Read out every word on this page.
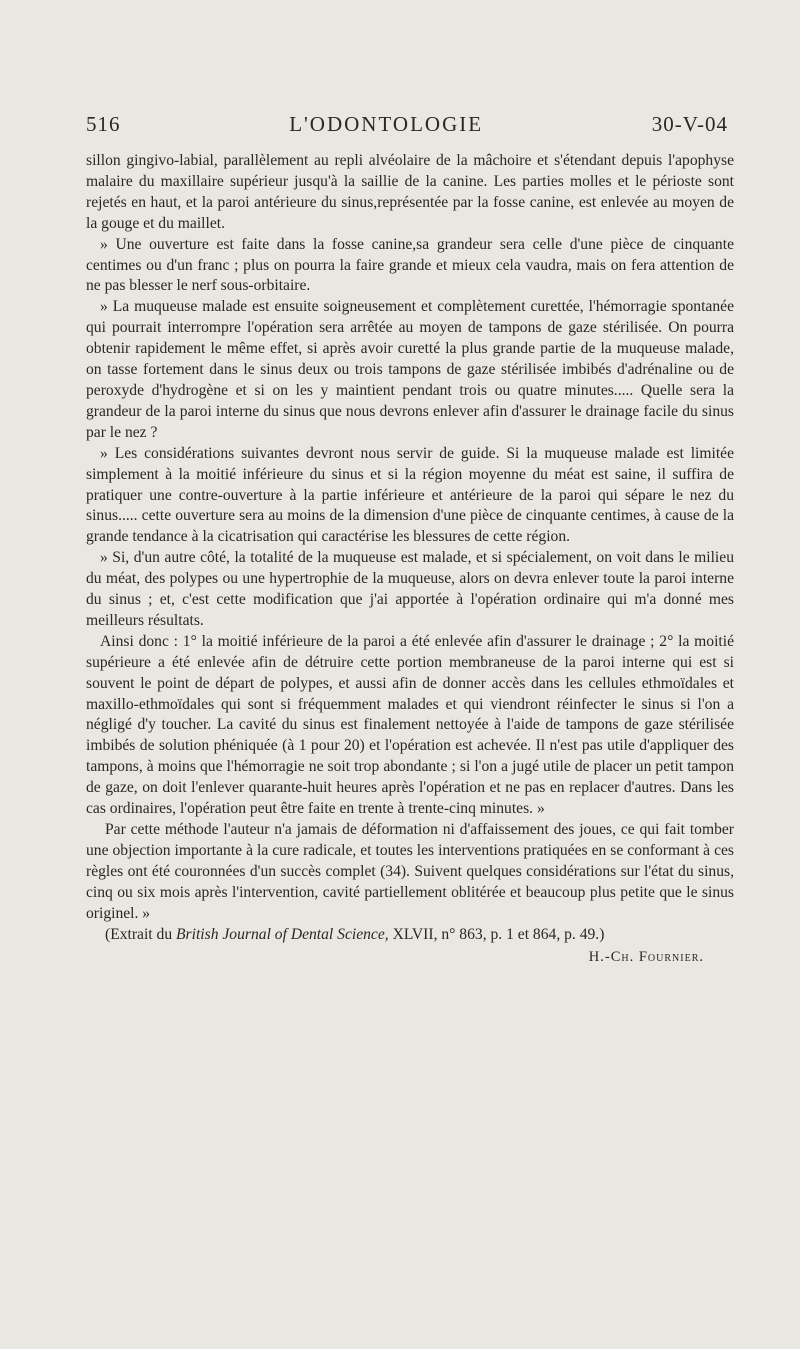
516	L'ODONTOLOGIE	30-V-04

sillon gingivo-labial, parallèlement au repli alvéolaire de la mâchoire et s'étendant depuis l'apophyse malaire du maxillaire supérieur jusqu'à la saillie de la canine. Les parties molles et le périoste sont rejetés en haut, et la paroi antérieure du sinus,représentée par la fosse canine, est enlevée au moyen de la gouge et du maillet.

» Une ouverture est faite dans la fosse canine,sa grandeur sera celle d'une pièce de cinquante centimes ou d'un franc ; plus on pourra la faire grande et mieux cela vaudra, mais on fera attention de ne pas blesser le nerf sous-orbitaire.

» La muqueuse malade est ensuite soigneusement et complètement curettée, l'hémorragie spontanée qui pourrait interrompre l'opération sera arrêtée au moyen de tampons de gaze stérilisée. On pourra obtenir rapidement le même effet, si après avoir curetté la plus grande partie de la muqueuse malade, on tasse fortement dans le sinus deux ou trois tampons de gaze stérilisée imbibés d'adrénaline ou de peroxyde d'hydrogène et si on les y maintient pendant trois ou quatre minutes..... Quelle sera la grandeur de la paroi interne du sinus que nous devrons enlever afin d'assurer le drainage facile du sinus par le nez ?

» Les considérations suivantes devront nous servir de guide. Si la muqueuse malade est limitée simplement à la moitié inférieure du sinus et si la région moyenne du méat est saine, il suffira de pratiquer une contre-ouverture à la partie inférieure et antérieure de la paroi qui sépare le nez du sinus..... cette ouverture sera au moins de la dimension d'une pièce de cinquante centimes, à cause de la grande tendance à la cicatrisation qui caractérise les blessures de cette région.

» Si, d'un autre côté, la totalité de la muqueuse est malade, et si spécialement, on voit dans le milieu du méat, des polypes ou une hypertrophie de la muqueuse, alors on devra enlever toute la paroi interne du sinus ; et, c'est cette modification que j'ai apportée à l'opération ordinaire qui m'a donné mes meilleurs résultats.

Ainsi donc : 1° la moitié inférieure de la paroi a été enlevée afin d'assurer le drainage ; 2° la moitié supérieure a été enlevée afin de détruire cette portion membraneuse de la paroi interne qui est si souvent le point de départ de polypes, et aussi afin de donner accès dans les cellules ethmoïdales et maxillo-ethmoïdales qui sont si fréquemment malades et qui viendront réinfecter le sinus si l'on a négligé d'y toucher. La cavité du sinus est finalement nettoyée à l'aide de tampons de gaze stérilisée imbibés de solution phéniquée (à 1 pour 20) et l'opération est achevée. Il n'est pas utile d'appliquer des tampons, à moins que l'hémorragie ne soit trop abondante ; si l'on a jugé utile de placer un petit tampon de gaze, on doit l'enlever quarante-huit heures après l'opération et ne pas en replacer d'autres. Dans les cas ordinaires, l'opération peut être faite en trente à trente-cinq minutes. »

Par cette méthode l'auteur n'a jamais de déformation ni d'affaissement des joues, ce qui fait tomber une objection importante à la cure radicale, et toutes les interventions pratiquées en se conformant à ces règles ont été couronnées d'un succès complet (34). Suivent quelques considérations sur l'état du sinus, cinq ou six mois après l'intervention, cavité partiellement oblitérée et beaucoup plus petite que le sinus originel. »

(Extrait du British Journal of Dental Science, XLVII, n° 863, p. 1 et 864, p. 49.)

H.-Ch. Fournier.
